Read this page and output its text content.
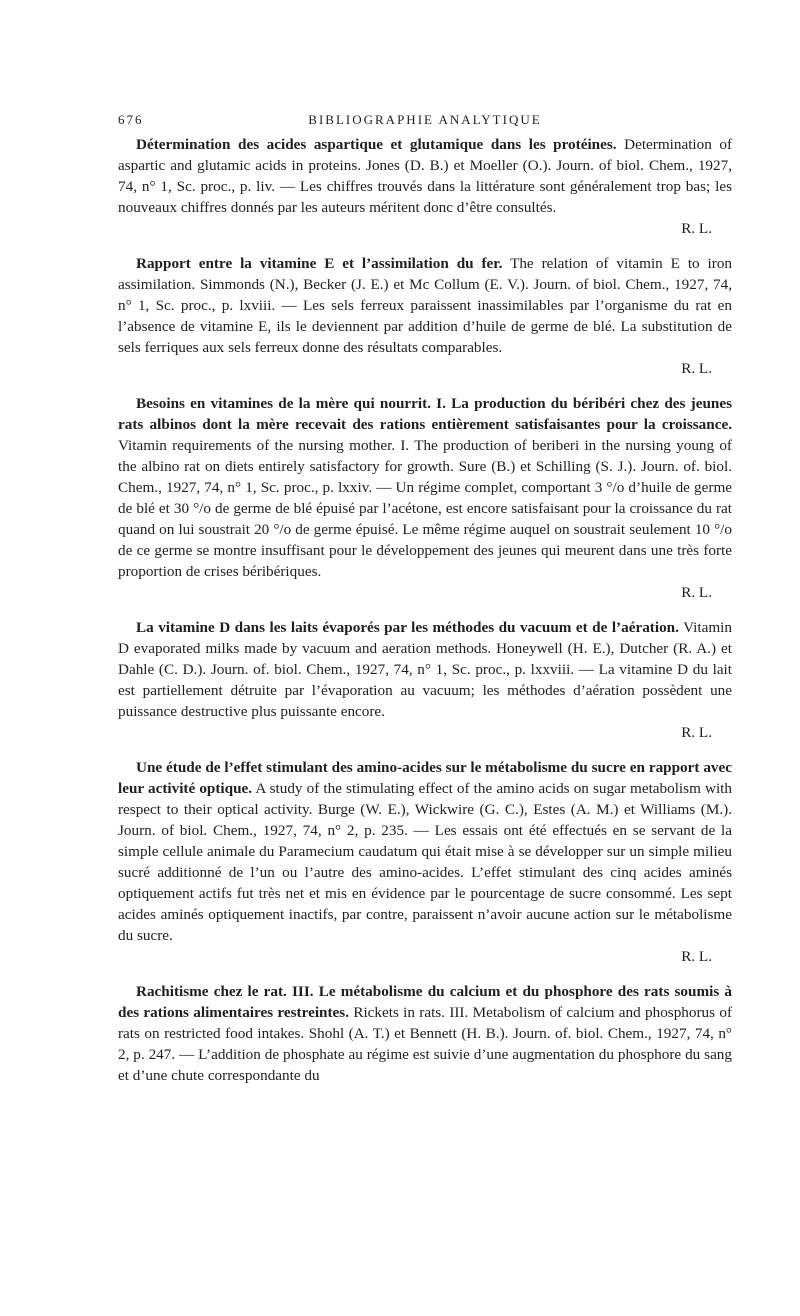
676	BIBLIOGRAPHIE ANALYTIQUE

Détermination des acides aspartique et glutamique dans les protéines. Determination of aspartic and glutamic acids in proteins. Jones (D. B.) et Moeller (O.). Journ. of biol. Chem., 1927, 74, n° 1, Sc. proc., p. liv. — Les chiffres trouvés dans la littérature sont généralement trop bas; les nouveaux chiffres donnés par les auteurs méritent donc d’être consultés.

R. L.

Rapport entre la vitamine E et l’assimilation du fer. The relation of vitamin E to iron assimilation. Simmonds (N.), Becker (J. E.) et Mc Collum (E. V.). Journ. of biol. Chem., 1927, 74, n° 1, Sc. proc., p. lxviii. — Les sels ferreux paraissent inassimilables par l’organisme du rat en l’absence de vitamine E, ils le deviennent par addition d’huile de germe de blé. La substitution de sels ferriques aux sels ferreux donne des résultats comparables.

R. L.

Besoins en vitamines de la mère qui nourrit. I. La production du béribéri chez des jeunes rats albinos dont la mère recevait des rations entièrement satisfaisantes pour la croissance. Vitamin requirements of the nursing mother. I. The production of beriberi in the nursing young of the albino rat on diets entirely satisfactory for growth. Sure (B.) et Schilling (S. J.). Journ. of. biol. Chem., 1927, 74, n° 1, Sc. proc., p. lxxiv. — Un régime complet, comportant 3 °/o d’huile de germe de blé et 30 °/o de germe de blé épuisé par l’acétone, est encore satisfaisant pour la croissance du rat quand on lui soustrait 20 °/o de germe épuisé. Le même régime auquel on soustrait seulement 10 °/o de ce germe se montre insuffisant pour le développement des jeunes qui meurent dans une très forte proportion de crises béribériques.

R. L.

La vitamine D dans les laits évaporés par les méthodes du vacuum et de l’aération. Vitamin D evaporated milks made by vacuum and aeration methods. Honeywell (H. E.), Dutcher (R. A.) et Dahle (C. D.). Journ. of. biol. Chem., 1927, 74, n° 1, Sc. proc., p. lxxviii. — La vitamine D du lait est partiellement détruite par l’évaporation au vacuum; les méthodes d’aération possèdent une puissance destructive plus puissante encore.

R. L.

Une étude de l’effet stimulant des amino-acides sur le métabolisme du sucre en rapport avec leur activité optique. A study of the stimulating effect of the amino acids on sugar metabolism with respect to their optical activity. Burge (W. E.), Wickwire (G. C.), Estes (A. M.) et Williams (M.). Journ. of biol. Chem., 1927, 74, n° 2, p. 235. — Les essais ont été effectués en se servant de la simple cellule animale du Paramecium caudatum qui était mise à se développer sur un simple milieu sucré additionné de l’un ou l’autre des amino-acides. L’effet stimulant des cinq acides aminés optiquement actifs fut très net et mis en évidence par le pourcentage de sucre consommé. Les sept acides aminés optiquement inactifs, par contre, paraissent n’avoir aucune action sur le métabolisme du sucre.

R. L.

Rachitisme chez le rat. III. Le métabolisme du calcium et du phosphore des rats soumis à des rations alimentaires restreintes. Rickets in rats. III. Metabolism of calcium and phosphorus of rats on restricted food intakes. Shohl (A. T.) et Bennett (H. B.). Journ. of. biol. Chem., 1927, 74, n° 2, p. 247. — L’addition de phosphate au régime est suivie d’une augmentation du phosphore du sang et d’une chute correspondante du
